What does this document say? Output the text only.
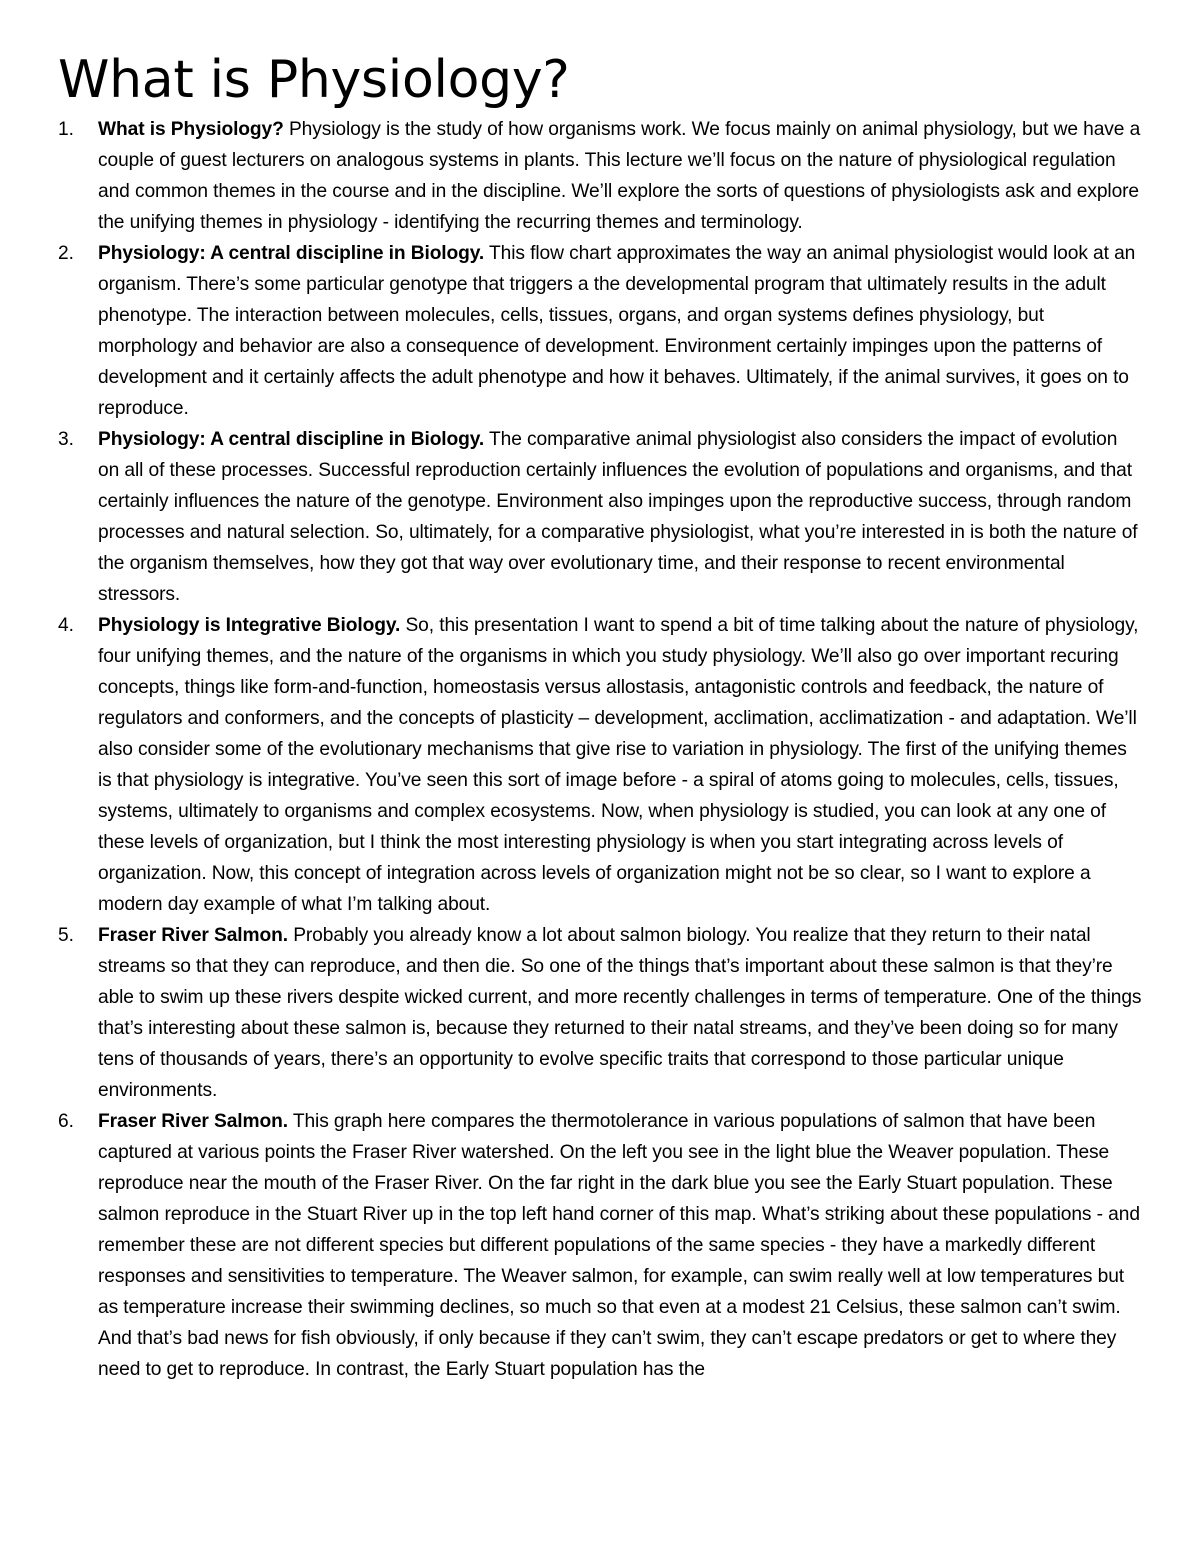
What is Physiology?
1. What is Physiology? Physiology is the study of how organisms work. We focus mainly on animal physiology, but we have a couple of guest lecturers on analogous systems in plants. This lecture we’ll focus on the nature of physiological regulation and common themes in the course and in the discipline. We’ll explore the sorts of questions of physiologists ask and explore the unifying themes in physiology - identifying the recurring themes and terminology.
2. Physiology: A central discipline in Biology. This flow chart approximates the way an animal physiologist would look at an organism. There’s some particular genotype that triggers a the developmental program that ultimately results in the adult phenotype. The interaction between molecules, cells, tissues, organs, and organ systems defines physiology, but morphology and behavior are also a consequence of development. Environment certainly impinges upon the patterns of development and it certainly affects the adult phenotype and how it behaves. Ultimately, if the animal survives, it goes on to reproduce.
3. Physiology: A central discipline in Biology. The comparative animal physiologist also considers the impact of evolution on all of these processes. Successful reproduction certainly influences the evolution of populations and organisms, and that certainly influences the nature of the genotype. Environment also impinges upon the reproductive success, through random processes and natural selection. So, ultimately, for a comparative physiologist, what you’re interested in is both the nature of the organism themselves, how they got that way over evolutionary time, and their response to recent environmental stressors.
4. Physiology is Integrative Biology. So, this presentation I want to spend a bit of time talking about the nature of physiology, four unifying themes, and the nature of the organisms in which you study physiology. We’ll also go over important recuring concepts, things like form-and-function, homeostasis versus allostasis, antagonistic controls and feedback, the nature of regulators and conformers, and the concepts of plasticity – development, acclimation, acclimatization - and adaptation. We’ll also consider some of the evolutionary mechanisms that give rise to variation in physiology. The first of the unifying themes is that physiology is integrative. You’ve seen this sort of image before - a spiral of atoms going to molecules, cells, tissues, systems, ultimately to organisms and complex ecosystems. Now, when physiology is studied, you can look at any one of these levels of organization, but I think the most interesting physiology is when you start integrating across levels of organization. Now, this concept of integration across levels of organization might not be so clear, so I want to explore a modern day example of what I’m talking about.
5. Fraser River Salmon. Probably you already know a lot about salmon biology. You realize that they return to their natal streams so that they can reproduce, and then die. So one of the things that’s important about these salmon is that they’re able to swim up these rivers despite wicked current, and more recently challenges in terms of temperature. One of the things that’s interesting about these salmon is, because they returned to their natal streams, and they’ve been doing so for many tens of thousands of years, there’s an opportunity to evolve specific traits that correspond to those particular unique environments.
6. Fraser River Salmon. This graph here compares the thermotolerance in various populations of salmon that have been captured at various points the Fraser River watershed. On the left you see in the light blue the Weaver population. These reproduce near the mouth of the Fraser River. On the far right in the dark blue you see the Early Stuart population. These salmon reproduce in the Stuart River up in the top left hand corner of this map. What’s striking about these populations - and remember these are not different species but different populations of the same species - they have a markedly different responses and sensitivities to temperature. The Weaver salmon, for example, can swim really well at low temperatures but as temperature increase their swimming declines, so much so that even at a modest 21 Celsius, these salmon can’t swim. And that’s bad news for fish obviously, if only because if they can’t swim, they can’t escape predators or get to where they need to get to reproduce. In contrast, the Early Stuart population has the
